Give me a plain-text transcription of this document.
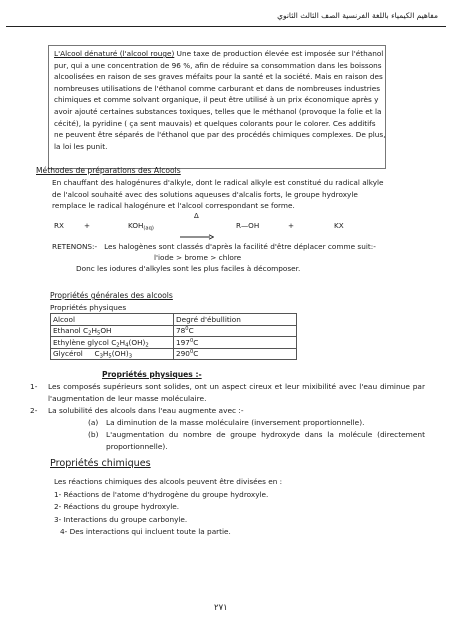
مفاهيم الكيمياء باللغة الفرنسية الصف الثالث الثانوي
L'Alcool dénaturé (l'alcool rouge) Une taxe de production élevée est imposée sur l'éthanol pur, qui a une concentration de 96 %, afin de réduire sa consommation dans les boissons alcoolisées en raison de ses graves méfaits pour la santé et la société. Mais en raison des nombreuses utilisations de l'éthanol comme carburant et dans de nombreuses industries chimiques et comme solvant organique, il peut être utilisé à un prix économique après y avoir ajouté certaines substances toxiques, telles que le méthanol (provoque la folie et la cécité), la pyridine ( ça sent mauvais) et quelques colorants pour le colorer. Ces additifs ne peuvent être séparés de l'éthanol que par des procédés chimiques complexes. De plus, la loi les punit.
Méthodes de préparations des Alcools
En chauffant des halogénures d'alkyle, dont le radical alkyle est constitué du radical alkyle de l'alcool souhaité avec des solutions aqueuses d'alcalis forts, le groupe hydroxyle remplace le radical halogénure et l'alcool correspondant se forme.
RX	+	$KOH_{(aq)}$
Δ
→	R—OH	+	KX
RETENONS:- Les halogènes sont classés d'après la facilité d'être déplacer comme suit:-
l'iode > brome > chlore
Donc les iodures d'alkyles sont les plus faciles à décomposer.
Propriétés générales des alcools
Propriétés physiques
Alcool	Degré d'ébullition
Ethanol $C_2H_5OH$	$78^0C$
Ethylène glycol $C_2H_4(OH)_2$	$197^0C$
Glycérol $C_3H_5(OH)_3$	$290^0C$
Propriétés physiques :-
1-	Les composés supérieurs sont solides, ont un aspect cireux et leur mixibilité avec l'eau diminue par l'augmentation de leur masse moléculaire.
2-	La solubilité des alcools dans l'eau augmente avec :-
(a)	La diminution de la masse moléculaire (inversement proportionnelle).
(b)	L'augmentation du nombre de groupe hydroxyde dans la molécule (directement proportionnelle).
Propriétés chimiques
Les réactions chimiques des alcools peuvent être divisées en :
1- Réactions de l'atome d'hydrogène du groupe hydroxyle.
2- Réactions du groupe hydroxyle.
3- Interactions du groupe carbonyle.
4- Des interactions qui incluent toute la partie.
٢٧١
